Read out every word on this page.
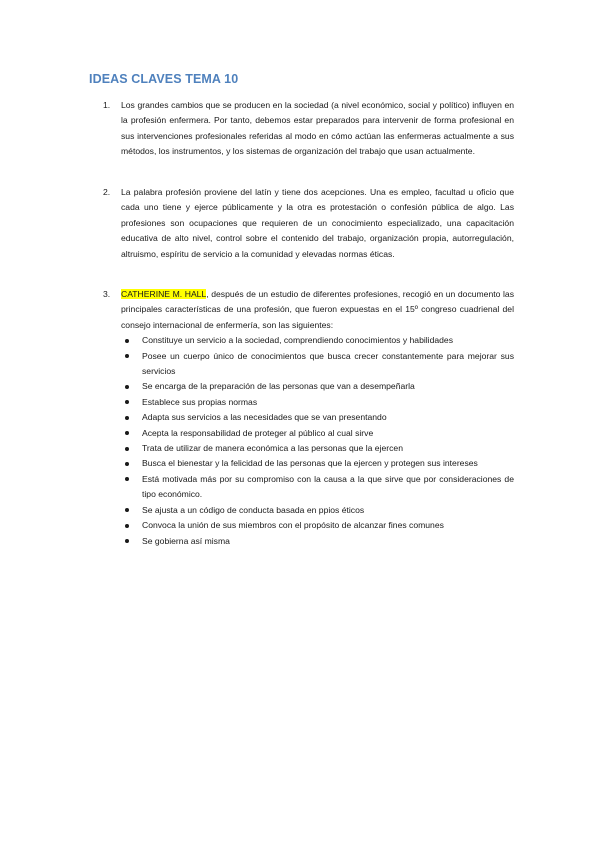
IDEAS CLAVES TEMA 10
1. Los grandes cambios que se producen en la sociedad (a nivel económico, social y político) influyen en la profesión enfermera. Por tanto, debemos estar preparados para intervenir de forma profesional en sus intervenciones profesionales referidas al modo en cómo actúan las enfermeras actualmente a sus métodos, los instrumentos, y los sistemas de organización del trabajo que usan actualmente.
2. La palabra profesión proviene del latín y tiene dos acepciones. Una es empleo, facultad u oficio que cada uno tiene y ejerce públicamente y la otra es protestación o confesión pública de algo. Las profesiones son ocupaciones que requieren de un conocimiento especializado, una capacitación educativa de alto nivel, control sobre el contenido del trabajo, organización propia, autorregulación, altruismo, espíritu de servicio a la comunidad y elevadas normas éticas.
3. CATHERINE M. HALL, después de un estudio de diferentes profesiones, recogió en un documento las principales características de una profesión, que fueron expuestas en el 15º congreso cuadrienal del consejo internacional de enfermería, son las siguientes:
Constituye un servicio a la sociedad, comprendiendo conocimientos y habilidades
Posee un cuerpo único de conocimientos que busca crecer constantemente para mejorar sus servicios
Se encarga de la preparación de las personas que van a desempeñarla
Establece sus propias normas
Adapta sus servicios a las necesidades que se van presentando
Acepta la responsabilidad de proteger al público al cual sirve
Trata de utilizar de manera económica a las personas que la ejercen
Busca el bienestar y la felicidad de las personas que la ejercen y protegen sus intereses
Está motivada más por su compromiso con la causa a la que sirve que por consideraciones de tipo económico.
Se ajusta a un código de conducta basada en ppios éticos
Convoca la unión de sus miembros con el propósito de alcanzar fines comunes
Se gobierna así misma
